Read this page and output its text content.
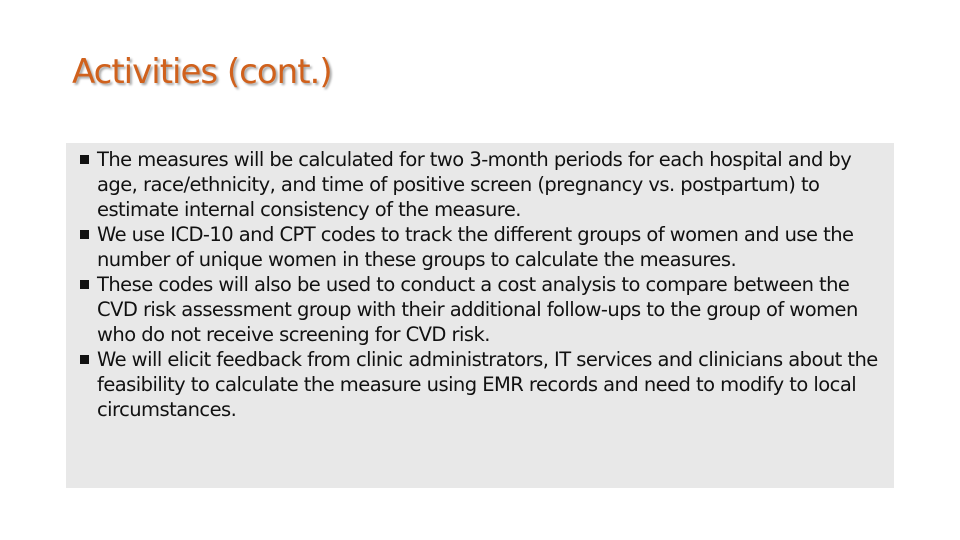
Activities (cont.)
The measures will be calculated for two 3-month periods for each hospital and by age, race/ethnicity, and time of positive screen (pregnancy vs. postpartum) to estimate internal consistency of the measure.
We use ICD-10 and CPT codes to track the different groups of women and use the number of unique women in these groups to calculate the measures.
These codes will also be used to conduct a cost analysis to compare between the CVD risk assessment group with their additional follow-ups to the group of women who do not receive screening for CVD risk.
We will elicit feedback from clinic administrators, IT services and clinicians about the feasibility to calculate the measure using EMR records and need to modify to local circumstances.
